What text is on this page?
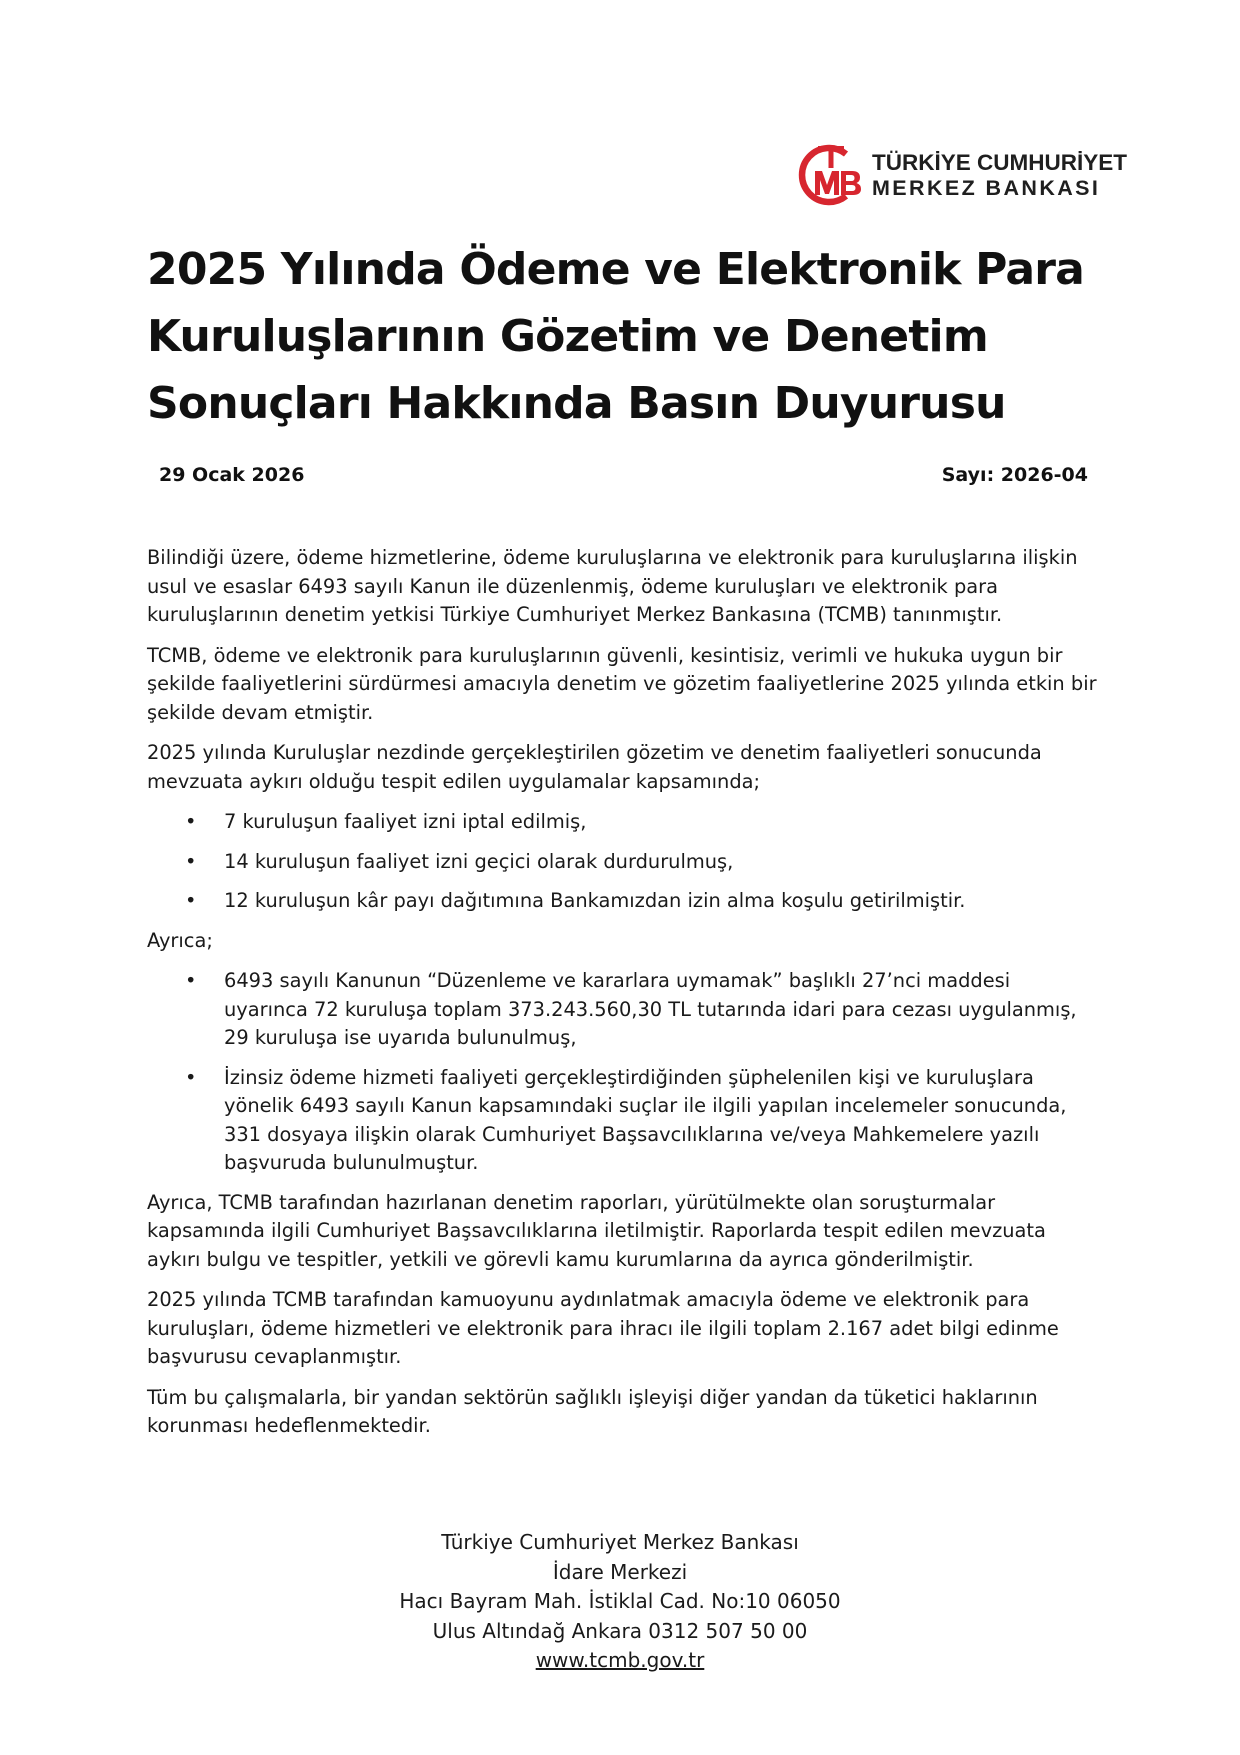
TÜRKİYE CUMHURİYET
MERKEZ BANKASI
2025 Yılında Ödeme ve Elektronik Para Kuruluşlarının Gözetim ve Denetim Sonuçları Hakkında Basın Duyurusu
29 Ocak 2026	Sayı: 2026-04

Bilindiği üzere, ödeme hizmetlerine, ödeme kuruluşlarına ve elektronik para kuruluşlarına ilişkin usul ve esaslar 6493 sayılı Kanun ile düzenlenmiş, ödeme kuruluşları ve elektronik para kuruluşlarının denetim yetkisi Türkiye Cumhuriyet Merkez Bankasına (TCMB) tanınmıştır.

TCMB, ödeme ve elektronik para kuruluşlarının güvenli, kesintisiz, verimli ve hukuka uygun bir şekilde faaliyetlerini sürdürmesi amacıyla denetim ve gözetim faaliyetlerine 2025 yılında etkin bir şekilde devam etmiştir.

2025 yılında Kuruluşlar nezdinde gerçekleştirilen gözetim ve denetim faaliyetleri sonucunda mevzuata aykırı olduğu tespit edilen uygulamalar kapsamında;

• 7 kuruluşun faaliyet izni iptal edilmiş,
• 14 kuruluşun faaliyet izni geçici olarak durdurulmuş,
• 12 kuruluşun kâr payı dağıtımına Bankamızdan izin alma koşulu getirilmiştir.

Ayrıca;

• 6493 sayılı Kanunun “Düzenleme ve kararlara uymamak” başlıklı 27’nci maddesi uyarınca 72 kuruluşa toplam 373.243.560,30 TL tutarında idari para cezası uygulanmış, 29 kuruluşa ise uyarıda bulunulmuş,
• İzinsiz ödeme hizmeti faaliyeti gerçekleştirdiğinden şüphelenilen kişi ve kuruluşlara yönelik 6493 sayılı Kanun kapsamındaki suçlar ile ilgili yapılan incelemeler sonucunda, 331 dosyaya ilişkin olarak Cumhuriyet Başsavcılıklarına ve/veya Mahkemelere yazılı başvuruda bulunulmuştur.

Ayrıca, TCMB tarafından hazırlanan denetim raporları, yürütülmekte olan soruşturmalar kapsamında ilgili Cumhuriyet Başsavcılıklarına iletilmiştir. Raporlarda tespit edilen mevzuata aykırı bulgu ve tespitler, yetkili ve görevli kamu kurumlarına da ayrıca gönderilmiştir.

2025 yılında TCMB tarafından kamuoyunu aydınlatmak amacıyla ödeme ve elektronik para kuruluşları, ödeme hizmetleri ve elektronik para ihracı ile ilgili toplam 2.167 adet bilgi edinme başvurusu cevaplanmıştır.

Tüm bu çalışmalarla, bir yandan sektörün sağlıklı işleyişi diğer yandan da tüketici haklarının korunması hedeflenmektedir.

Türkiye Cumhuriyet Merkez Bankası
İdare Merkezi
Hacı Bayram Mah. İstiklal Cad. No:10 06050
Ulus Altındağ Ankara 0312 507 50 00
www.tcmb.gov.tr
